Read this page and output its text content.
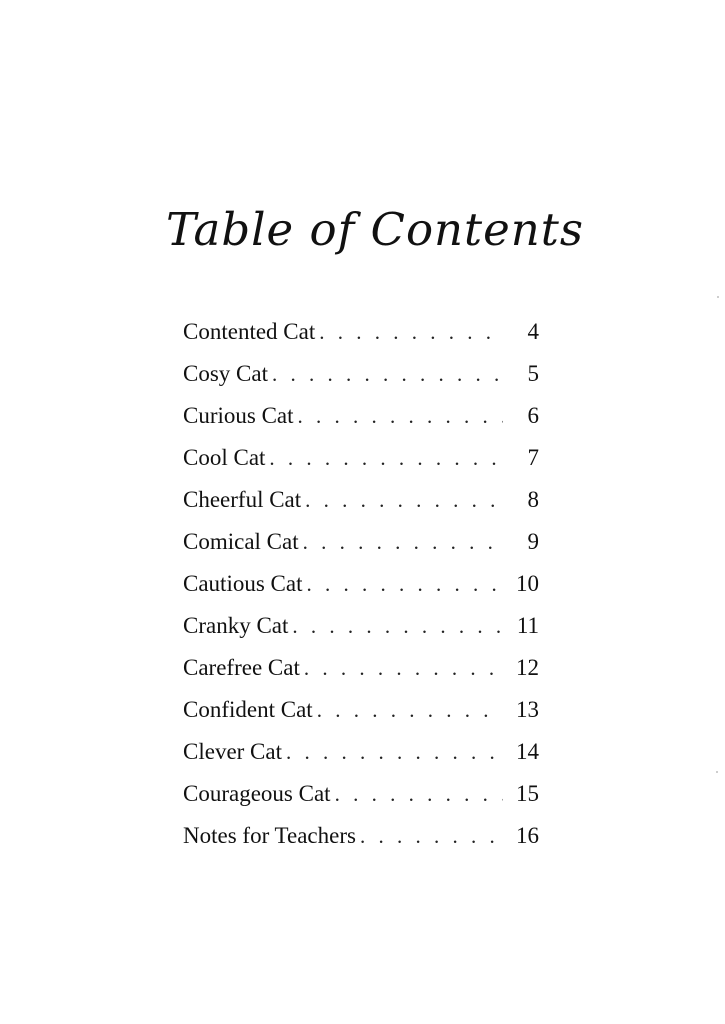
Table of Contents
Contented Cat . . .	4
Cosy Cat . . .	5
Curious Cat . . .	6
Cool Cat . . .	7
Cheerful Cat . . .	8
Comical Cat . . .	9
Cautious Cat . . .	10
Cranky Cat . . .	11
Carefree Cat . . .	12
Confident Cat . . .	13
Clever Cat . . .	14
Courageous Cat . . .	15
Notes for Teachers . . .	16
